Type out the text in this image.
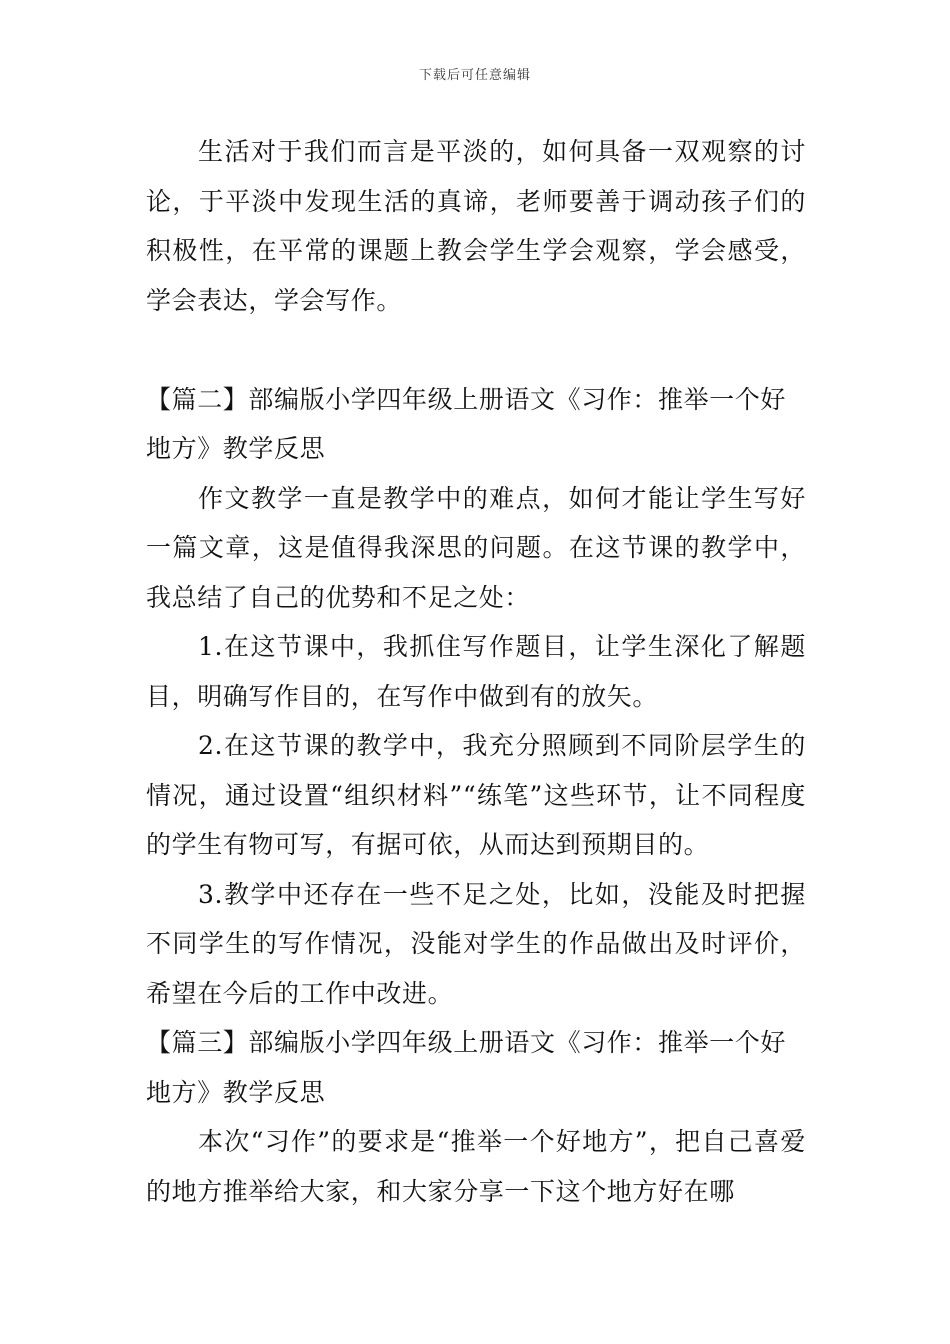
下载后可任意编辑

生活对于我们而言是平淡的，如何具备一双观察的讨论，于平淡中发现生活的真谛，老师要善于调动孩子们的积极性，在平常的课题上教会学生学会观察，学会感受，学会表达，学会写作。

【篇二】部编版小学四年级上册语文《习作：推举一个好地方》教学反思

作文教学一直是教学中的难点，如何才能让学生写好一篇文章，这是值得我深思的问题。在这节课的教学中，我总结了自己的优势和不足之处：

1.在这节课中，我抓住写作题目，让学生深化了解题目，明确写作目的，在写作中做到有的放矢。

2.在这节课的教学中，我充分照顾到不同阶层学生的情况，通过设置“组织材料”“练笔”这些环节，让不同程度的学生有物可写，有据可依，从而达到预期目的。

3.教学中还存在一些不足之处，比如，没能及时把握不同学生的写作情况，没能对学生的作品做出及时评价，希望在今后的工作中改进。

【篇三】部编版小学四年级上册语文《习作：推举一个好地方》教学反思

本次“习作”的要求是“推举一个好地方”，把自己喜爱的地方推举给大家，和大家分享一下这个地方好在哪
